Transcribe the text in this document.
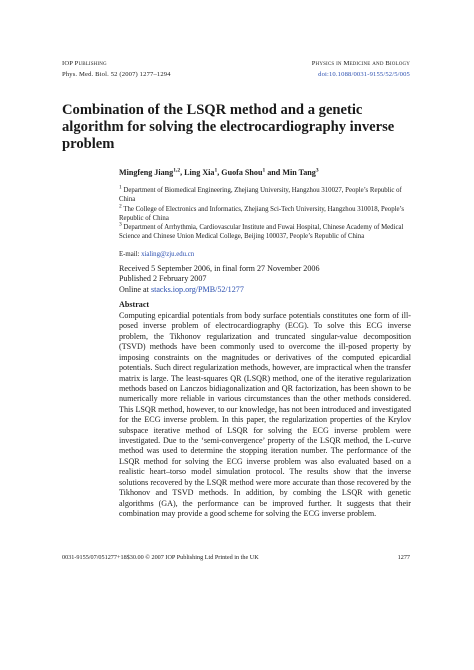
IOP Publishing	Physics in Medicine and Biology
Phys. Med. Biol. 52 (2007) 1277–1294	doi:10.1088/0031-9155/52/5/005
Combination of the LSQR method and a genetic algorithm for solving the electrocardiography inverse problem
Mingfeng Jiang$^{1,2}$, Ling Xia$^1$, Guofa Shou$^1$ and Min Tang$^3$

$^1$ Department of Biomedical Engineering, Zhejiang University, Hangzhou 310027, People’s Republic of China

$^2$ The College of Electronics and Informatics, Zhejiang Sci-Tech University, Hangzhou 310018, People’s Republic of China

$^3$ Department of Arrhythmia, Cardiovascular Institute and Fuwai Hospital, Chinese Academy of Medical Science and Chinese Union Medical College, Beijing 100037, People’s Republic of China

E-mail: xialing@zju.edu.cn

Received 5 September 2006, in final form 27 November 2006
Published 2 February 2007
Online at stacks.iop.org/PMB/52/1277

Abstract

Computing epicardial potentials from body surface potentials constitutes one form of ill-posed inverse problem of electrocardiography (ECG). To solve this ECG inverse problem, the Tikhonov regularization and truncated singular-value decomposition (TSVD) methods have been commonly used to overcome the ill-posed property by imposing constraints on the magnitudes or derivatives of the computed epicardial potentials. Such direct regularization methods, however, are impractical when the transfer matrix is large. The least-squares QR (LSQR) method, one of the iterative regularization methods based on Lanczos bidiagonalization and QR factorization, has been shown to be numerically more reliable in various circumstances than the other methods considered. This LSQR method, however, to our knowledge, has not been introduced and investigated for the ECG inverse problem. In this paper, the regularization properties of the Krylov subspace iterative method of LSQR for solving the ECG inverse problem were investigated. Due to the ‘semi-convergence’ property of the LSQR method, the L-curve method was used to determine the stopping iteration number. The performance of the LSQR method for solving the ECG inverse problem was also evaluated based on a realistic heart–torso model simulation protocol. The results show that the inverse solutions recovered by the LSQR method were more accurate than those recovered by the Tikhonov and TSVD methods. In addition, by combing the LSQR with genetic algorithms (GA), the performance can be improved further. It suggests that their combination may provide a good scheme for solving the ECG inverse problem.

0031-9155/07/051277+18$30.00 © 2007 IOP Publishing Ltd Printed in the UK	1277
